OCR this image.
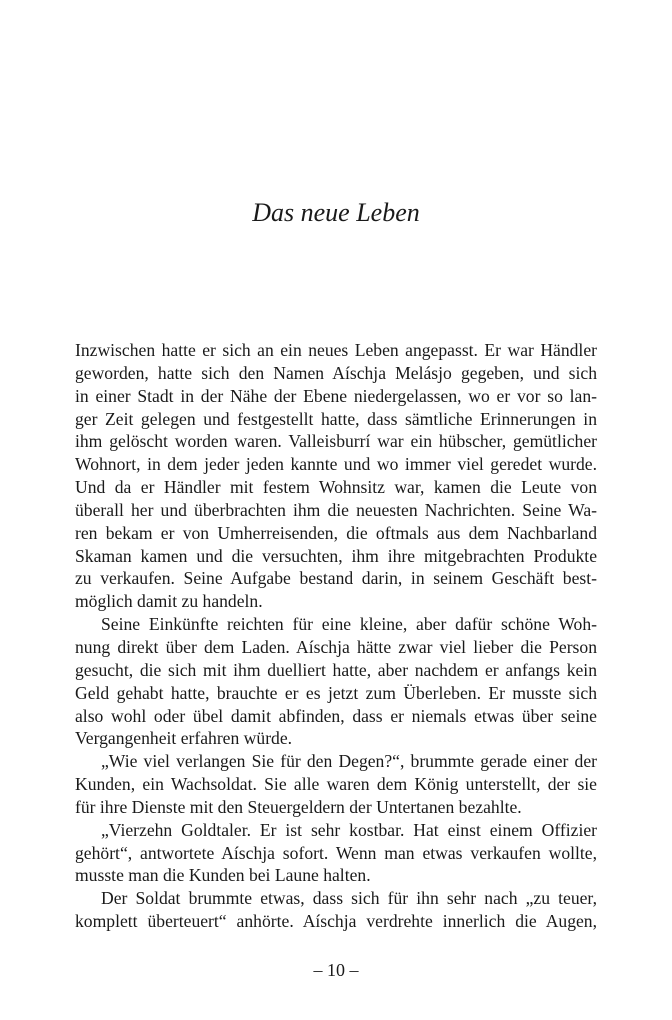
Das neue Leben
Inzwischen hatte er sich an ein neues Leben angepasst. Er war Händler
geworden, hatte sich den Namen Aíschja Melásjo gegeben, und sich
in einer Stadt in der Nähe der Ebene niedergelassen, wo er vor so lan-
ger Zeit gelegen und festgestellt hatte, dass sämtliche Erinnerungen in
ihm gelöscht worden waren. Valleisburrí war ein hübscher, gemütlicher
Wohnort, in dem jeder jeden kannte und wo immer viel geredet wurde.
Und da er Händler mit festem Wohnsitz war, kamen die Leute von
überall her und überbrachten ihm die neuesten Nachrichten. Seine Wa-
ren bekam er von Umherreisenden, die oftmals aus dem Nachbarland
Skaman kamen und die versuchten, ihm ihre mitgebrachten Produkte
zu verkaufen. Seine Aufgabe bestand darin, in seinem Geschäft best-
möglich damit zu handeln.
Seine Einkünfte reichten für eine kleine, aber dafür schöne Woh-
nung direkt über dem Laden. Aíschja hätte zwar viel lieber die Person
gesucht, die sich mit ihm duelliert hatte, aber nachdem er anfangs kein
Geld gehabt hatte, brauchte er es jetzt zum Überleben. Er musste sich
also wohl oder übel damit abfinden, dass er niemals etwas über seine
Vergangenheit erfahren würde.
„Wie viel verlangen Sie für den Degen?“, brummte gerade einer der
Kunden, ein Wachsoldat. Sie alle waren dem König unterstellt, der sie
für ihre Dienste mit den Steuergeldern der Untertanen bezahlte.
„Vierzehn Goldtaler. Er ist sehr kostbar. Hat einst einem Offizier
gehört“, antwortete Aíschja sofort. Wenn man etwas verkaufen wollte,
musste man die Kunden bei Laune halten.
Der Soldat brummte etwas, dass sich für ihn sehr nach „zu teuer,
komplett überteuert“ anhörte. Aíschja verdrehte innerlich die Augen,
– 10 –
